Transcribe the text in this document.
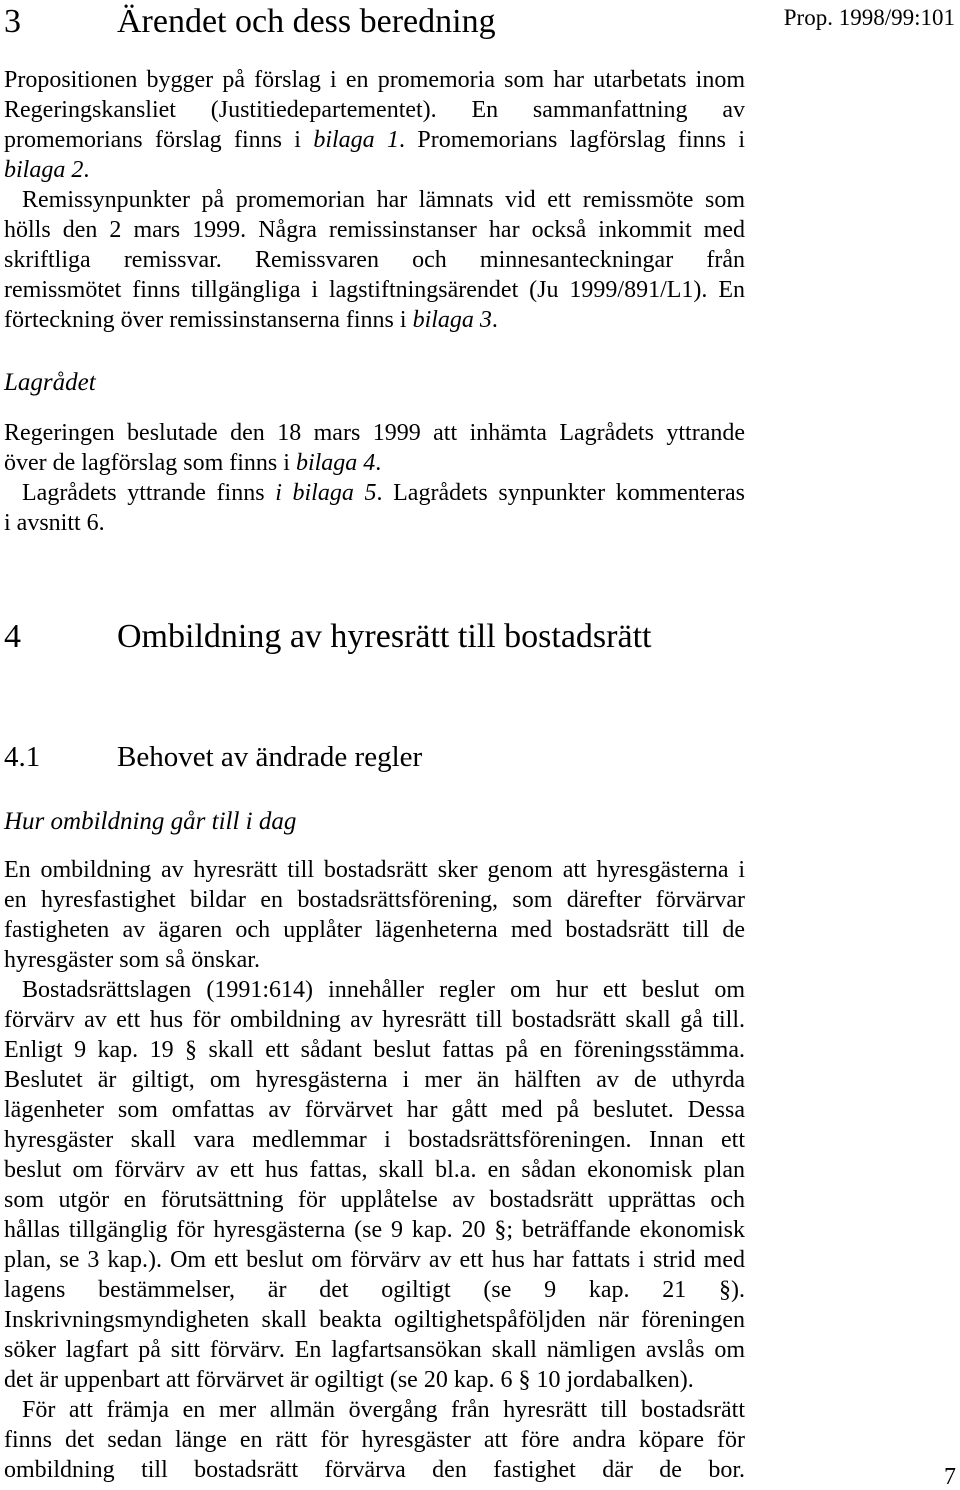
Prop. 1998/99:101
3	Ärendet och dess beredning
Propositionen bygger på förslag i en promemoria som har utarbetats inom
Regeringskansliet (Justitiedepartementet). En sammanfattning av
promemorians förslag finns i bilaga 1. Promemorians lagförslag finns i
bilaga 2.
Remissynpunkter på promemorian har lämnats vid ett remissmöte som
hölls den 2 mars 1999. Några remissinstanser har också inkommit med
skriftliga remissvar. Remissvaren och minnesanteckningar från
remissmötet finns tillgängliga i lagstiftningsärendet (Ju 1999/891/L1). En
förteckning över remissinstanserna finns i bilaga 3.
Lagrådet
Regeringen beslutade den 18 mars 1999 att inhämta Lagrådets yttrande
över de lagförslag som finns i bilaga 4.
Lagrådets yttrande finns i bilaga 5. Lagrådets synpunkter kommenteras
i avsnitt 6.
4	Ombildning av hyresrätt till bostadsrätt
4.1	Behovet av ändrade regler
Hur ombildning går till i dag
En ombildning av hyresrätt till bostadsrätt sker genom att hyresgästerna i
en hyresfastighet bildar en bostadsrättsförening, som därefter förvärvar
fastigheten av ägaren och upplåter lägenheterna med bostadsrätt till de
hyresgäster som så önskar.
Bostadsrättslagen (1991:614) innehåller regler om hur ett beslut om
förvärv av ett hus för ombildning av hyresrätt till bostadsrätt skall gå till.
Enligt 9 kap. 19 § skall ett sådant beslut fattas på en föreningsstämma.
Beslutet är giltigt, om hyresgästerna i mer än hälften av de uthyrda
lägenheter som omfattas av förvärvet har gått med på beslutet. Dessa
hyresgäster skall vara medlemmar i bostadsrättsföreningen. Innan ett
beslut om förvärv av ett hus fattas, skall bl.a. en sådan ekonomisk plan
som utgör en förutsättning för upplåtelse av bostadsrätt upprättas och
hållas tillgänglig för hyresgästerna (se 9 kap. 20 §; beträffande ekonomisk
plan, se 3 kap.). Om ett beslut om förvärv av ett hus har fattats i strid med
lagens bestämmelser, är det ogiltigt (se 9 kap. 21 §).
Inskrivningsmyndigheten skall beakta ogiltighetspåföljden när föreningen
söker lagfart på sitt förvärv. En lagfartsansökan skall nämligen avslås om
det är uppenbart att förvärvet är ogiltigt (se 20 kap. 6 § 10 jordabalken).
För att främja en mer allmän övergång från hyresrätt till bostadsrätt
finns det sedan länge en rätt för hyresgäster att före andra köpare för
ombildning till bostadsrätt förvärva den fastighet där de bor.	7
